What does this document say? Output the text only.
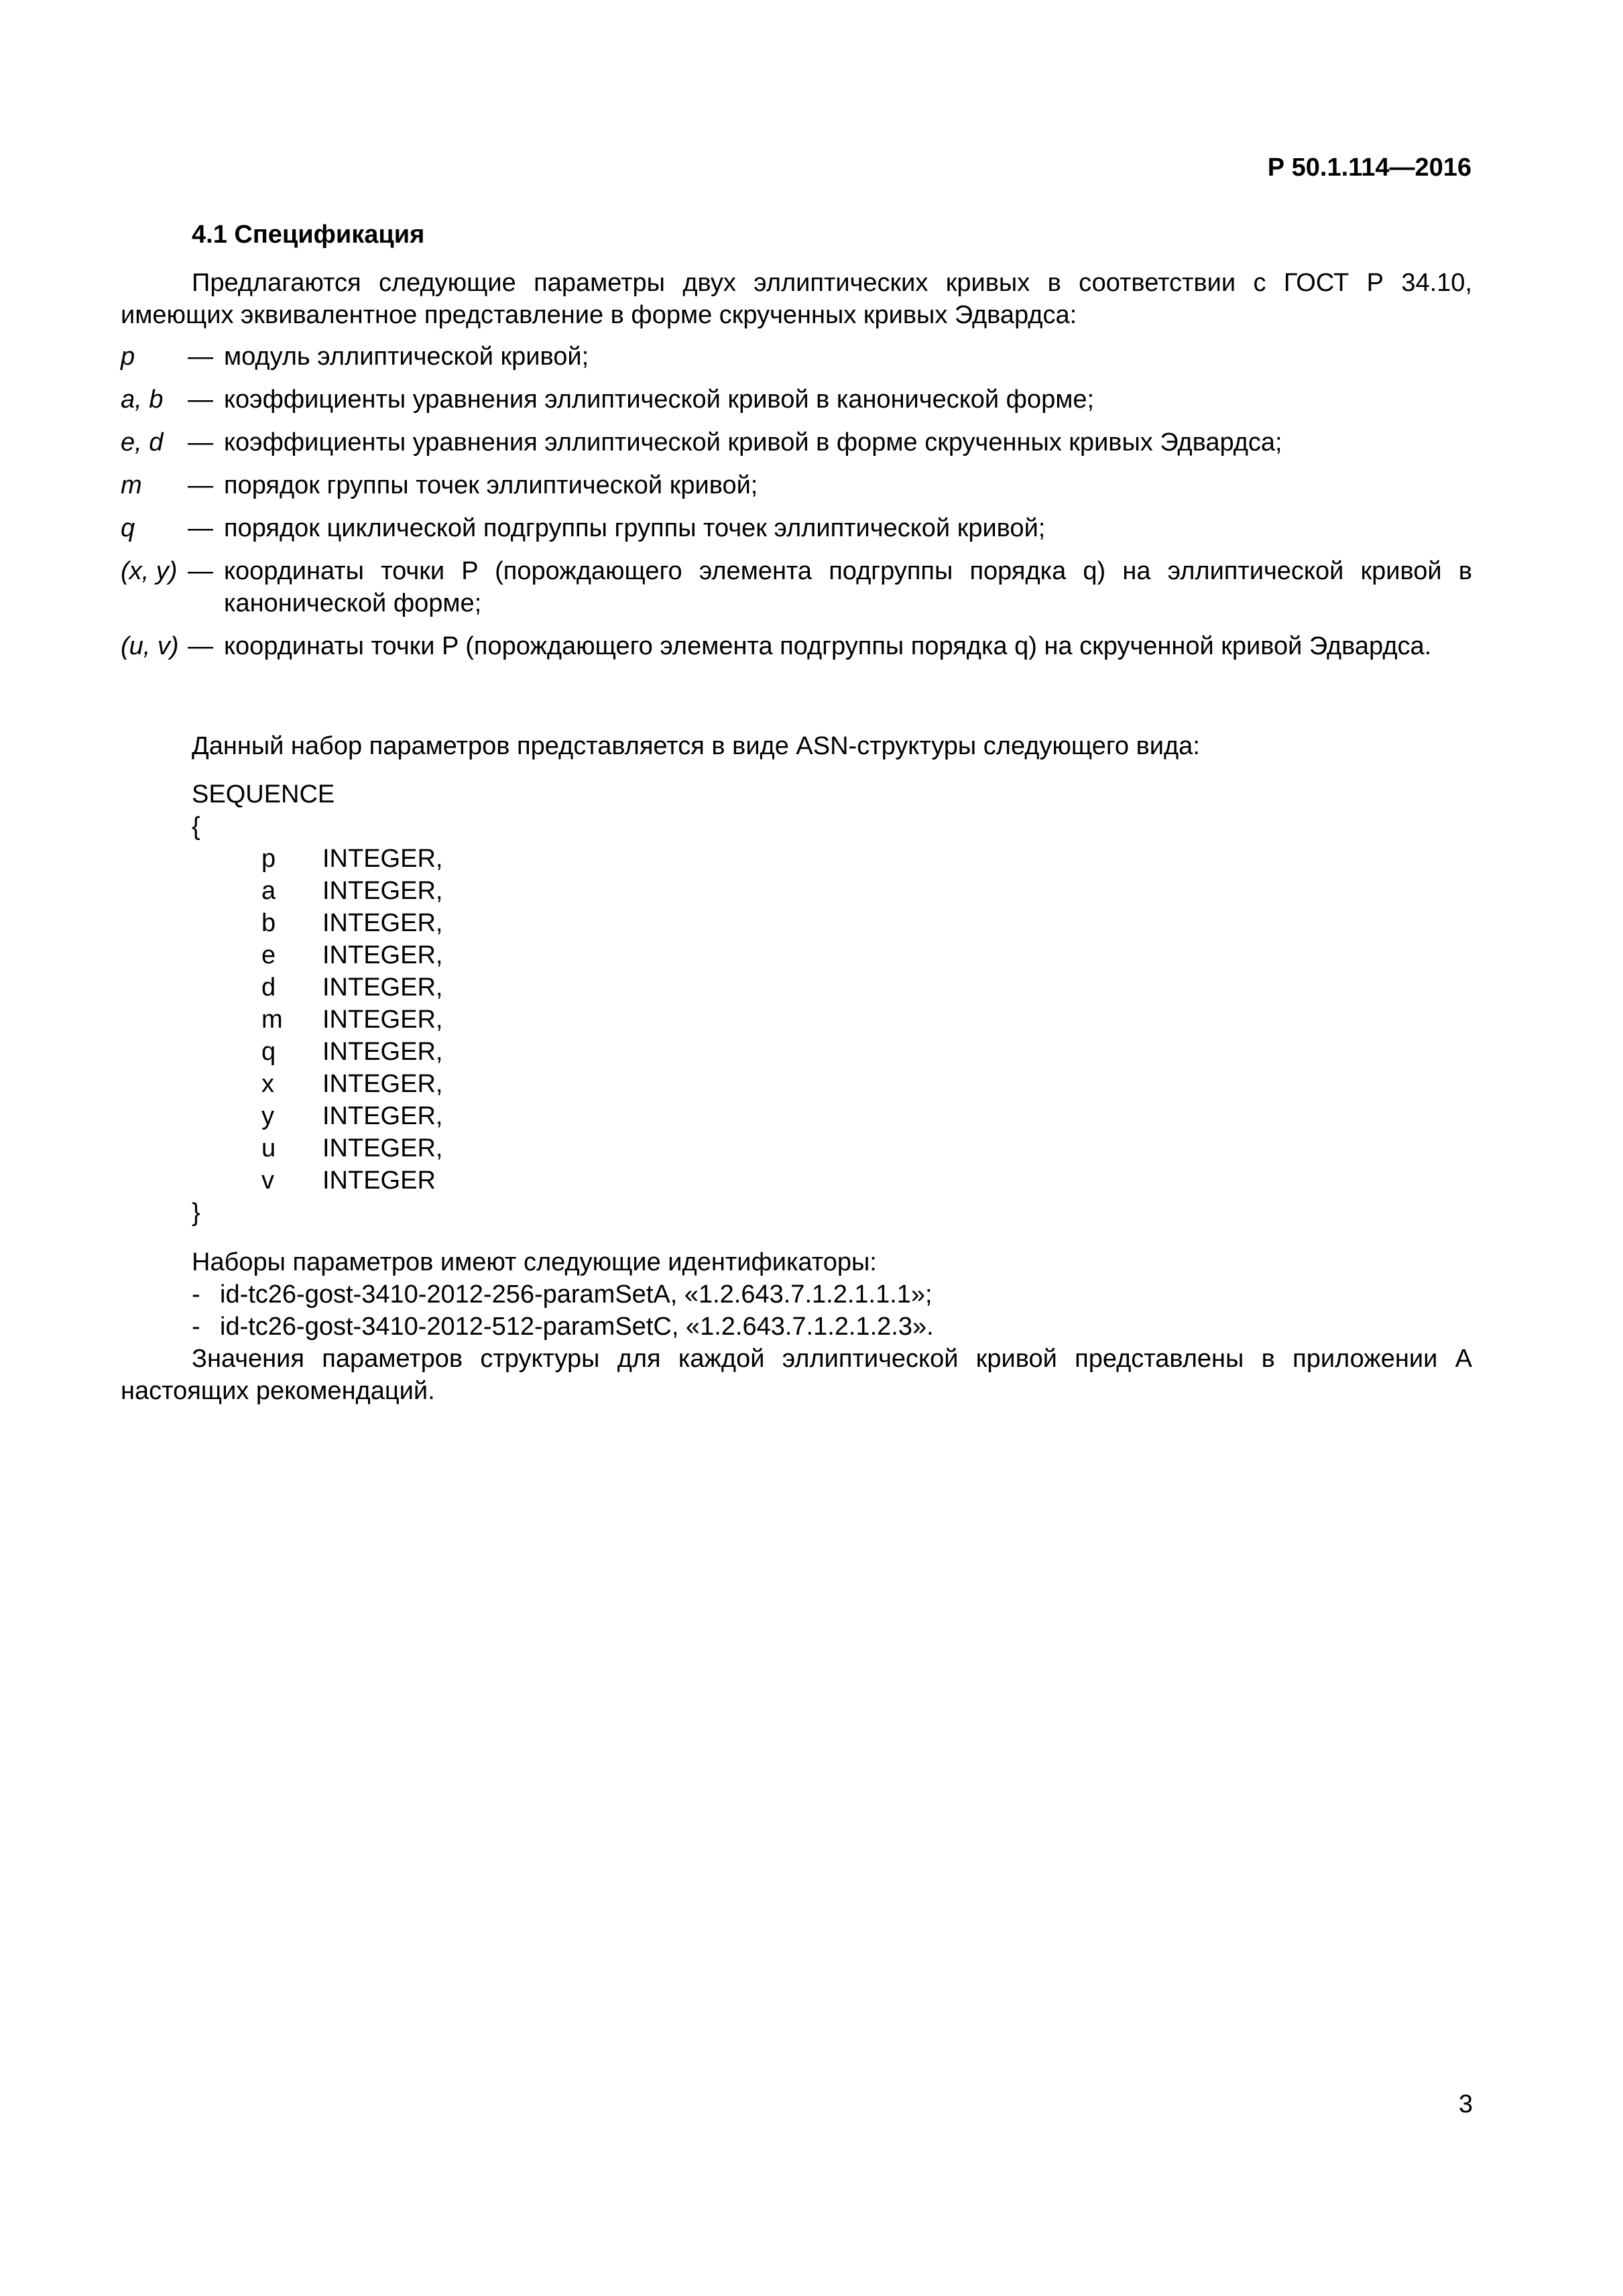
Р 50.1.114—2016
4.1 Спецификация

Предлагаются следующие параметры двух эллиптических кривых в соответствии с ГОСТ Р 34.10, имеющих эквивалентное представление в форме скрученных кривых Эдвардса:

p	— модуль эллиптической кривой;
a, b — коэффициенты уравнения эллиптической кривой в канонической форме;
e, d — коэффициенты уравнения эллиптической кривой в форме скрученных кривых Эдвардса;
m	— порядок группы точек эллиптической кривой;
q	— порядок циклической подгруппы группы точек эллиптической кривой;
(x, y) — координаты точки P (порождающего элемента подгруппы порядка q) на эллиптической кривой в канонической форме;
(u, v) — координаты точки P (порождающего элемента подгруппы порядка q) на скрученной кривой Эдвардса.
Данный набор параметров представляется в виде ASN-структуры следующего вида:
SEQUENCE
{
p	INTEGER,
a	INTEGER,
b	INTEGER,
e	INTEGER,
d	INTEGER,
m	INTEGER,
q	INTEGER,
x	INTEGER,
y	INTEGER,
u	INTEGER,
v	INTEGER
}
Наборы параметров имеют следующие идентификаторы:
- id-tc26-gost-3410-2012-256-paramSetA, «1.2.643.7.1.2.1.1.1»;
- id-tc26-gost-3410-2012-512-paramSetC, «1.2.643.7.1.2.1.2.3».

Значения параметров структуры для каждой эллиптической кривой представлены в приложении А настоящих рекомендаций.

3
